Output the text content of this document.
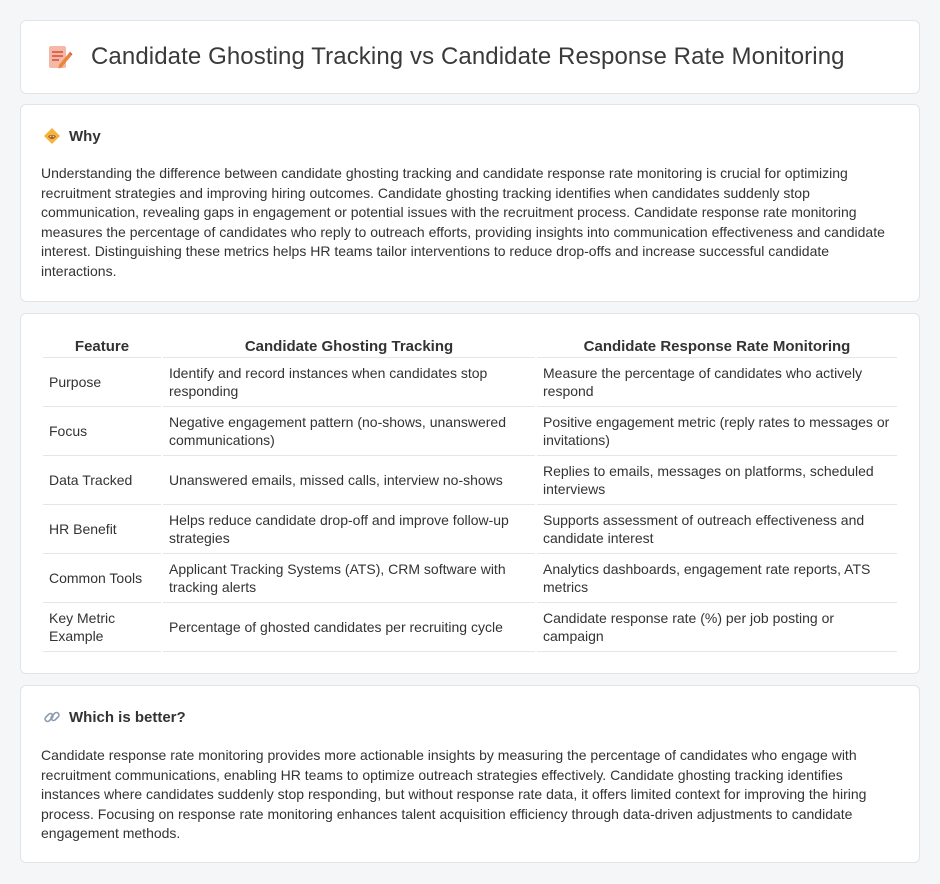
Candidate Ghosting Tracking vs Candidate Response Rate Monitoring
Why

Understanding the difference between candidate ghosting tracking and candidate response rate monitoring is crucial for optimizing recruitment strategies and improving hiring outcomes. Candidate ghosting tracking identifies when candidates suddenly stop communication, revealing gaps in engagement or potential issues with the recruitment process. Candidate response rate monitoring measures the percentage of candidates who reply to outreach efforts, providing insights into communication effectiveness and candidate interest. Distinguishing these metrics helps HR teams tailor interventions to reduce drop-offs and increase successful candidate interactions.

Feature	Candidate Ghosting Tracking	Candidate Response Rate Monitoring
Purpose	Identify and record instances when candidates stop responding	Measure the percentage of candidates who actively respond
Focus	Negative engagement pattern (no-shows, unanswered communications)	Positive engagement metric (reply rates to messages or invitations)
Data Tracked	Unanswered emails, missed calls, interview no-shows	Replies to emails, messages on platforms, scheduled interviews
HR Benefit	Helps reduce candidate drop-off and improve follow-up strategies	Supports assessment of outreach effectiveness and candidate interest
Common Tools	Applicant Tracking Systems (ATS), CRM software with tracking alerts	Analytics dashboards, engagement rate reports, ATS metrics
Key Metric Example	Percentage of ghosted candidates per recruiting cycle	Candidate response rate (%) per job posting or campaign
Which is better?

Candidate response rate monitoring provides more actionable insights by measuring the percentage of candidates who engage with recruitment communications, enabling HR teams to optimize outreach strategies effectively. Candidate ghosting tracking identifies instances where candidates suddenly stop responding, but without response rate data, it offers limited context for improving the hiring process. Focusing on response rate monitoring enhances talent acquisition efficiency through data-driven adjustments to candidate engagement methods.
